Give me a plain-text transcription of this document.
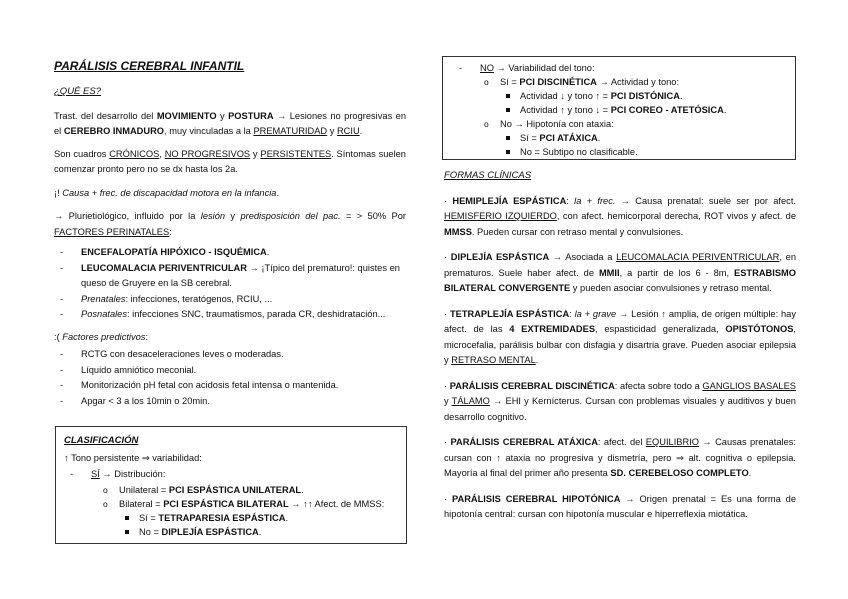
PARÁLISIS CEREBRAL INFANTIL

¿QUÉ ES?

Trast. del desarrollo del MOVIMIENTO y POSTURA → Lesiones no progresivas en el CEREBRO INMADURO, muy vinculadas a la PREMATURIDAD y RCIU.

Son cuadros CRÓNICOS, NO PROGRESIVOS y PERSISTENTES. Síntomas suelen comenzar pronto pero no se dx hasta los 2a.

¡! Causa + frec. de discapacidad motora en la infancia.

→ Plurietiológico, influido por la lesión y predisposición del pac. = > 50% Por FACTORES PERINATALES:

- ENCEFALOPATÍA HIPÓXICO - ISQUÉMICA.
- LEUCOMALACIA PERIVENTRICULAR → ¡Típico del prematuro!: quistes en queso de Gruyere en la SB cerebral.
- Prenatales: infecciones, teratógenos, RCIU, ...
- Posnatales: infecciones SNC, traumatismos, parada CR, deshidratación...

:( Factores predictivos:

- RCTG con desaceleraciones leves o moderadas.
- Líquido amniótico meconial.
- Monitorización pH fetal con acidosis fetal intensa o mantenida.
- Apgar < 3 a los 10min o 20min.

CLASIFICACIÓN

↑ Tono persistente ⇒ variabilidad:

- SÍ → Distribución:
o Unilateral = PCI ESPÁSTICA UNILATERAL.
o Bilateral = PCI ESPÁSTICA BILATERAL → ↑↑ Afect. de MMSS:
Sí = TETRAPARESIA ESPÁSTICA.
No = DIPLEJÍA ESPÁSTICA.
- NO → Variabilidad del tono:
o Sí = PCI DISCINÉTICA → Actividad y tono:
Actividad ↓ y tono ↑ = PCI DISTÓNICA.
Actividad ↑ y tono ↓ = PCI COREO - ATETÓSICA.
o No → Hipotonía con ataxia:
Sí = PCI ATÁXICA.
No = Subtipo no clasificable.

FORMAS CLÍNICAS

· HEMIPLEJÍA ESPÁSTICA: la + frec. → Causa prenatal: suele ser por afect. HEMISFERIO IZQUIERDO, con afect. hemicorporal derecha, ROT vivos y afect. de MMSS. Pueden cursar con retraso mental y convulsiones.

· DIPLEJÍA ESPÁSTICA → Asociada a LEUCOMALACIA PERIVENTRICULAR, en prematuros. Suele haber afect. de MMII, a partir de los 6 - 8m, ESTRABISMO BILATERAL CONVERGENTE y pueden asociar convulsiones y retraso mental.

· TETRAPLEJÍA ESPÁSTICA: la + grave → Lesión ↑ amplia, de origen múltiple: hay afect. de las 4 EXTREMIDADES, espasticidad generalizada, OPISTÓTONOS, microcefalia, parálisis bulbar con disfagia y disartria grave. Pueden asociar epilepsia y RETRASO MENTAL.

· PARÁLISIS CEREBRAL DISCINÉTICA: afecta sobre todo a GANGLIOS BASALES y TÁLAMO → EHI y Kernícterus. Cursan con problemas visuales y auditivos y buen desarrollo cognitivo.

· PARÁLISIS CEREBRAL ATÁXICA: afect. del EQUILIBRIO → Causas prenatales: cursan con ↑ ataxia no progresiva y dismetría, pero ⇒ alt. cognitiva o epilepsia. Mayoría al final del primer año presenta SD. CEREBELOSO COMPLETO.

· PARÁLISIS CEREBRAL HIPOTÓNICA → Origen prenatal = Es una forma de hipotonía central: cursan con hipotonía muscular e hiperreflexia miotática.
